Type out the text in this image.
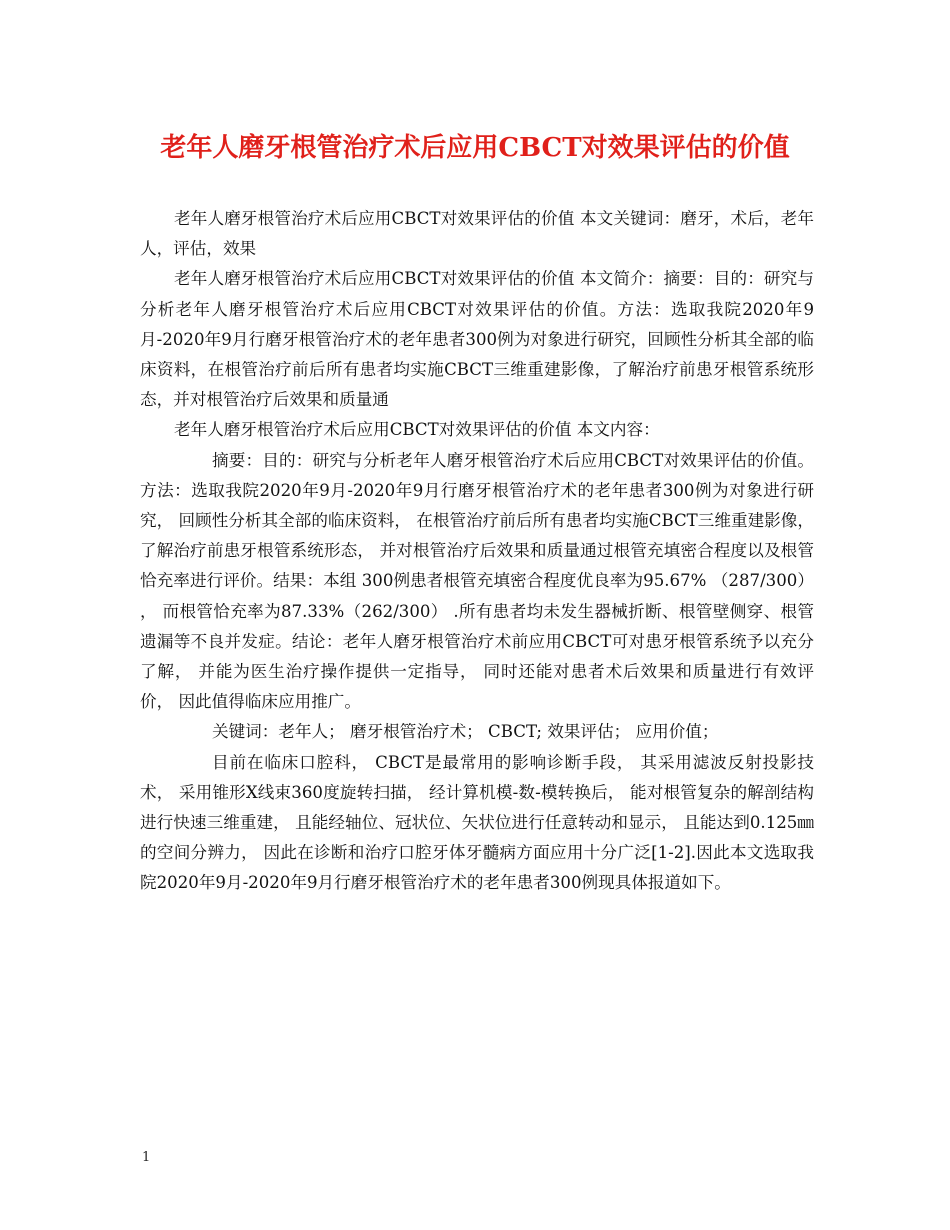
老年人磨牙根管治疗术后应用CBCT对效果评估的价值

老年人磨牙根管治疗术后应用CBCT对效果评估的价值 本文关键词：磨牙，术后，老年人，评估，效果

老年人磨牙根管治疗术后应用CBCT对效果评估的价值 本文简介：摘要：目的：研究与分析老年人磨牙根管治疗术后应用CBCT对效果评估的价值。方法：选取我院2020年9月-2020年9月行磨牙根管治疗术的老年患者300例为对象进行研究，回顾性分析其全部的临床资料，在根管治疗前后所有患者均实施CBCT三维重建影像，了解治疗前患牙根管系统形态，并对根管治疗后效果和质量通

老年人磨牙根管治疗术后应用CBCT对效果评估的价值 本文内容：

摘要：目的：研究与分析老年人磨牙根管治疗术后应用CBCT对效果评估的价值。方法：选取我院2020年9月-2020年9月行磨牙根管治疗术的老年患者300例为对象进行研究， 回顾性分析其全部的临床资料， 在根管治疗前后所有患者均实施CBCT三维重建影像， 了解治疗前患牙根管系统形态， 并对根管治疗后效果和质量通过根管充填密合程度以及根管恰充率进行评价。结果：本组 300例患者根管充填密合程度优良率为95.67% （287/300） ， 而根管恰充率为87.33%（262/300） .所有患者均未发生器械折断、根管壁侧穿、根管遗漏等不良并发症。结论：老年人磨牙根管治疗术前应用CBCT可对患牙根管系统予以充分了解， 并能为医生治疗操作提供一定指导， 同时还能对患者术后效果和质量进行有效评价， 因此值得临床应用推广。

关键词：老年人； 磨牙根管治疗术； CBCT; 效果评估； 应用价值；

目前在临床口腔科， CBCT是最常用的影响诊断手段， 其采用滤波反射投影技术， 采用锥形X线束360度旋转扫描， 经计算机模-数-模转换后， 能对根管复杂的解剖结构进行快速三维重建， 且能经轴位、冠状位、矢状位进行任意转动和显示， 且能达到0.125㎜的空间分辨力， 因此在诊断和治疗口腔牙体牙髓病方面应用十分广泛[1-2].因此本文选取我院2020年9月-2020年9月行磨牙根管治疗术的老年患者300例现具体报道如下。

1
